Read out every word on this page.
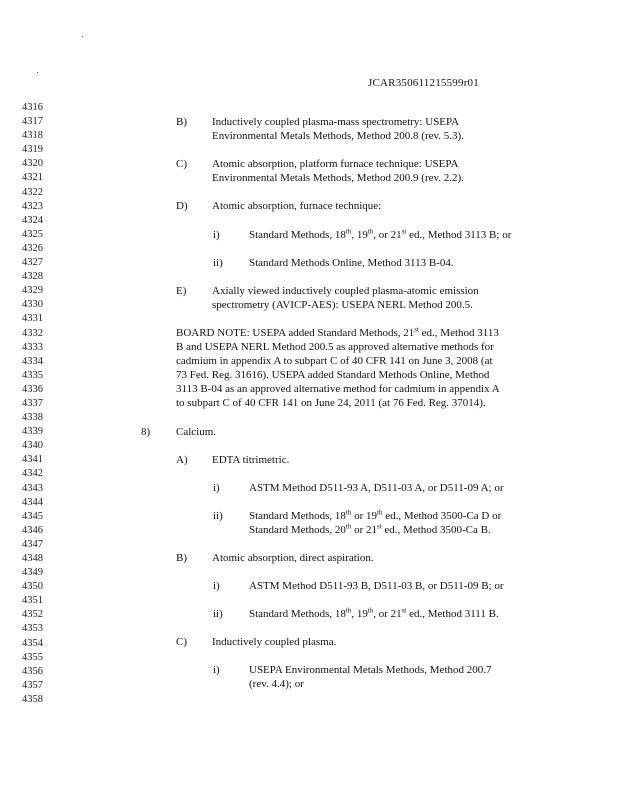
JCAR350611215599r01
4316
4317
4318
4319
4320
4321
4322
4323
4324
4325
4326
4327
4328
4329
4330
4331
4332
4333
4334
4335
4336
4337
4338
4339
4340
4341
4342
4343
4344
4345
4346
4347
4348
4349
4350
4351
4352
4353
4354
4355
4356
4357
4358
B) Inductively coupled plasma-mass spectrometry: USEPA
Environmental Metals Methods, Method 200.8 (rev. 5.3).
C) Atomic absorption, platform furnace technique: USEPA
Environmental Metals Methods, Method 200.9 (rev. 2.2).
D) Atomic absorption, furnace technique:
i)	Standard Methods, 18th, 19th, or 21st ed., Method 3113 B; or
ii) Standard Methods Online, Method 3113 B-04.
E) Axially viewed inductively coupled plasma-atomic emission
spectrometry (AVICP-AES): USEPA NERL Method 200.5.
BOARD NOTE: USEPA added Standard Methods, 21st ed., Method 3113
B and USEPA NERL Method 200.5 as approved alternative methods for
cadmium in appendix A to subpart C of 40 CFR 141 on June 3, 2008 (at
73 Fed. Reg. 31616). USEPA added Standard Methods Online, Method
3113 B-04 as an approved alternative method for cadmium in appendix A
to subpart C of 40 CFR 141 on June 24, 2011 (at 76 Fed. Reg. 37014).
8) Calcium.
A) EDTA titrimetric.
i)	ASTM Method D511-93 A, D511-03 A, or D511-09 A; or
ii) Standard Methods, 18th or 19th ed., Method 3500-Ca D or
Standard Methods, 20th or 21st ed., Method 3500-Ca B.
B) Atomic absorption, direct aspiration.
i)	ASTM Method D511-93 B, D511-03 B, or D511-09 B; or
ii) Standard Methods, 18th, 19th, or 21st ed., Method 3111 B.
C) Inductively coupled plasma.
i)	USEPA Environmental Metals Methods, Method 200.7
(rev. 4.4); or
